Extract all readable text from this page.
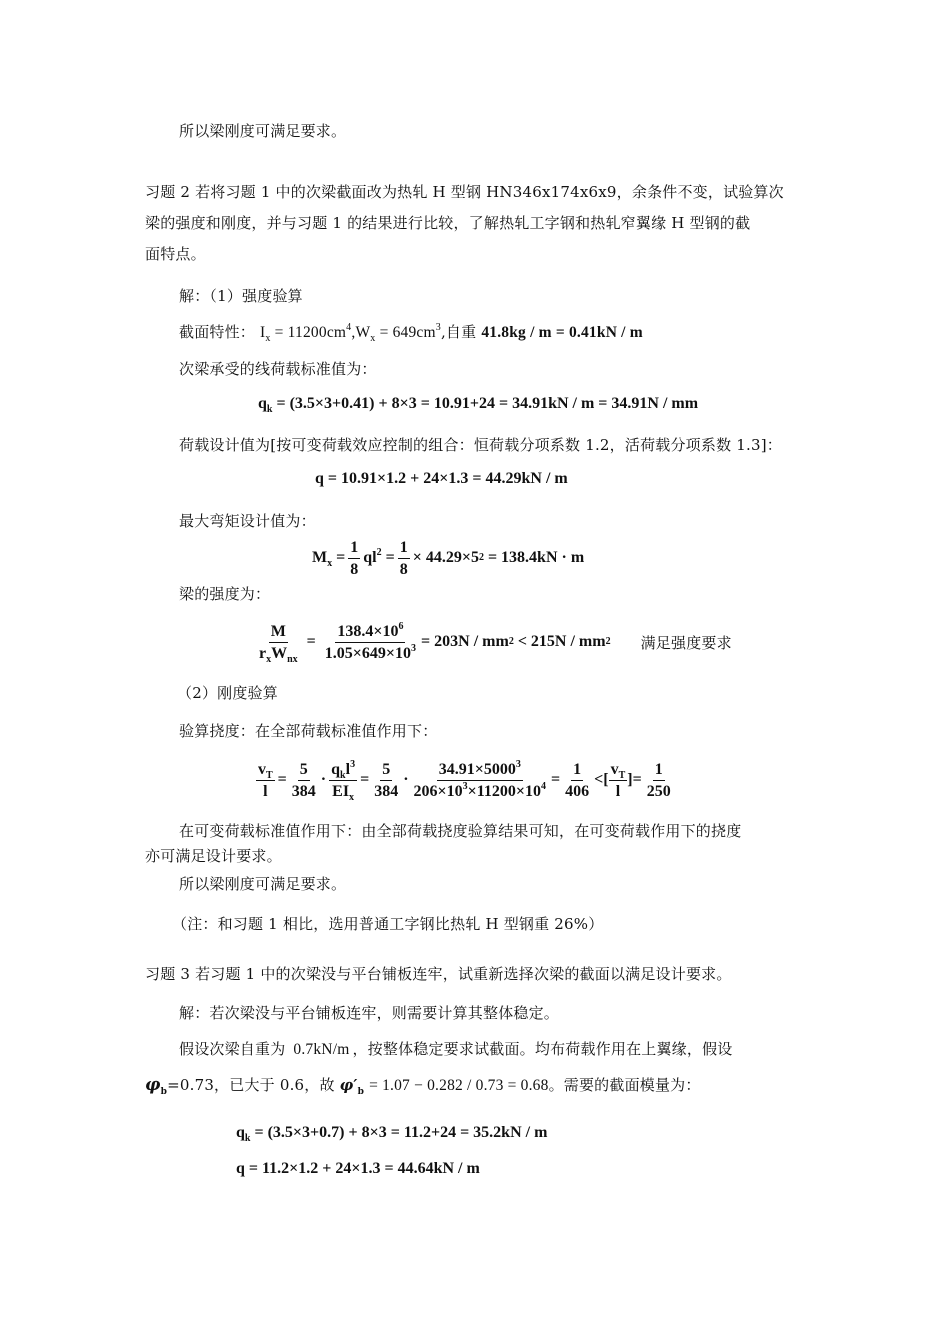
所以梁刚度可满足要求。
习题 2 若将习题 1 中的次梁截面改为热轧 H 型钢 HN346x174x6x9，余条件不变，试验算次
梁的强度和刚度，并与习题 1 的结果进行比较，了解热轧工字钢和热轧窄翼缘 H 型钢的截
面特点。
解：（1）强度验算
截面特性： $I_x = 11200cm^4,W_x = 649cm^3$,自重 41.8kg / m = 0.41kN / m
次梁承受的线荷载标准值为：
$q_k$
= (3.5×3+0.41) + 8×3 = 10.91+24 = 34.91kN / m = 34.91N / mm
荷载设计值为[按可变荷载效应控制的组合：恒荷载分项系数 1.2，活荷载分项系数 1.3]：
q = 10.91×1.2 + 24×1.3 = 44.29kN / m
最大弯矩设计值为：
$M_x = \frac{1}{8} ql^2 = \frac{1}{8} \times 44.29\times 5$ 2
= 138.4kN · m
梁的强度为：
$\frac{M}{r_xW_{nx}} = \frac{138.4\times 10^6}{1.05\times 649\times 10^3} = 203N$ / mm 2
< 215N / mm 2 满足强度要求
（2）刚度验算
验算挠度：在全部荷载标准值作用下：
$\frac{v_T}{l} = \frac{5}{384} \cdot \frac{q_kl^3}{EI_x} = \frac{5}{384} \cdot \frac{34.91\times 5000^3}{206\times 10^3\times 11200\times 10^4} = \frac{1}{406}$ <[ $\frac{v_T}{l}$ ]= $\frac{1}{250}$
在可变荷载标准值作用下：由全部荷载挠度验算结果可知，在可变荷载作用下的挠度
亦可满足设计要求。
所以梁刚度可满足要求。
（注：和习题 1 相比，选用普通工字钢比热轧 H 型钢重 26%）
习题 3 若习题 1 中的次梁没与平台铺板连牢，试重新选择次梁的截面以满足设计要求。
解：若次梁没与平台铺板连牢，则需要计算其整体稳定。
假设次梁自重为 0.7kN/m ，按整体稳定要求试截面。均布荷载作用在上翼缘，假设
$\varphi_b=0.73$，已大于 0.6，故 $\varphi'_b = 1.07 - 0.282 / 0.73 = 0.68$。需要的截面模量为：
$q_k$
= (3.5×3+0.7) + 8×3 = 11.2+24 = 35.2kN / m
q = 11.2×1.2 + 24×1.3 = 44.64kN / m
